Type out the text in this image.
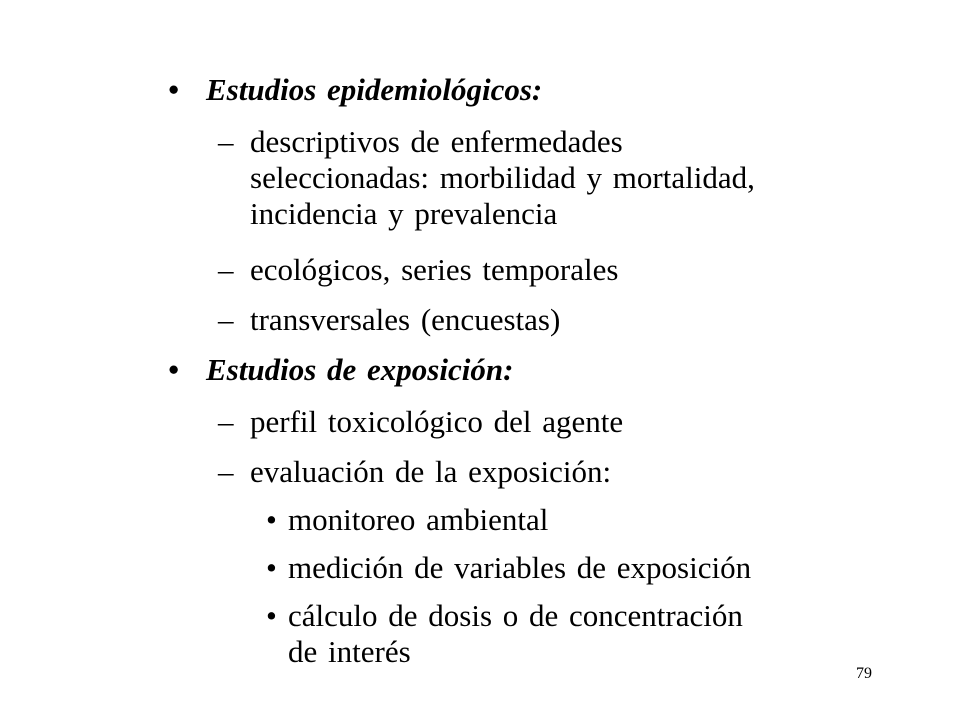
• Estudios epidemiológicos:
– descriptivos de enfermedades
seleccionadas: morbilidad y mortalidad,
incidencia y prevalencia
– ecológicos, series temporales
– transversales (encuestas)
• Estudios de exposición:
– perfil toxicológico del agente
– evaluación de la exposición:
• monitoreo ambiental
• medición de variables de exposición
• cálculo de dosis o de concentración
de interés
79
